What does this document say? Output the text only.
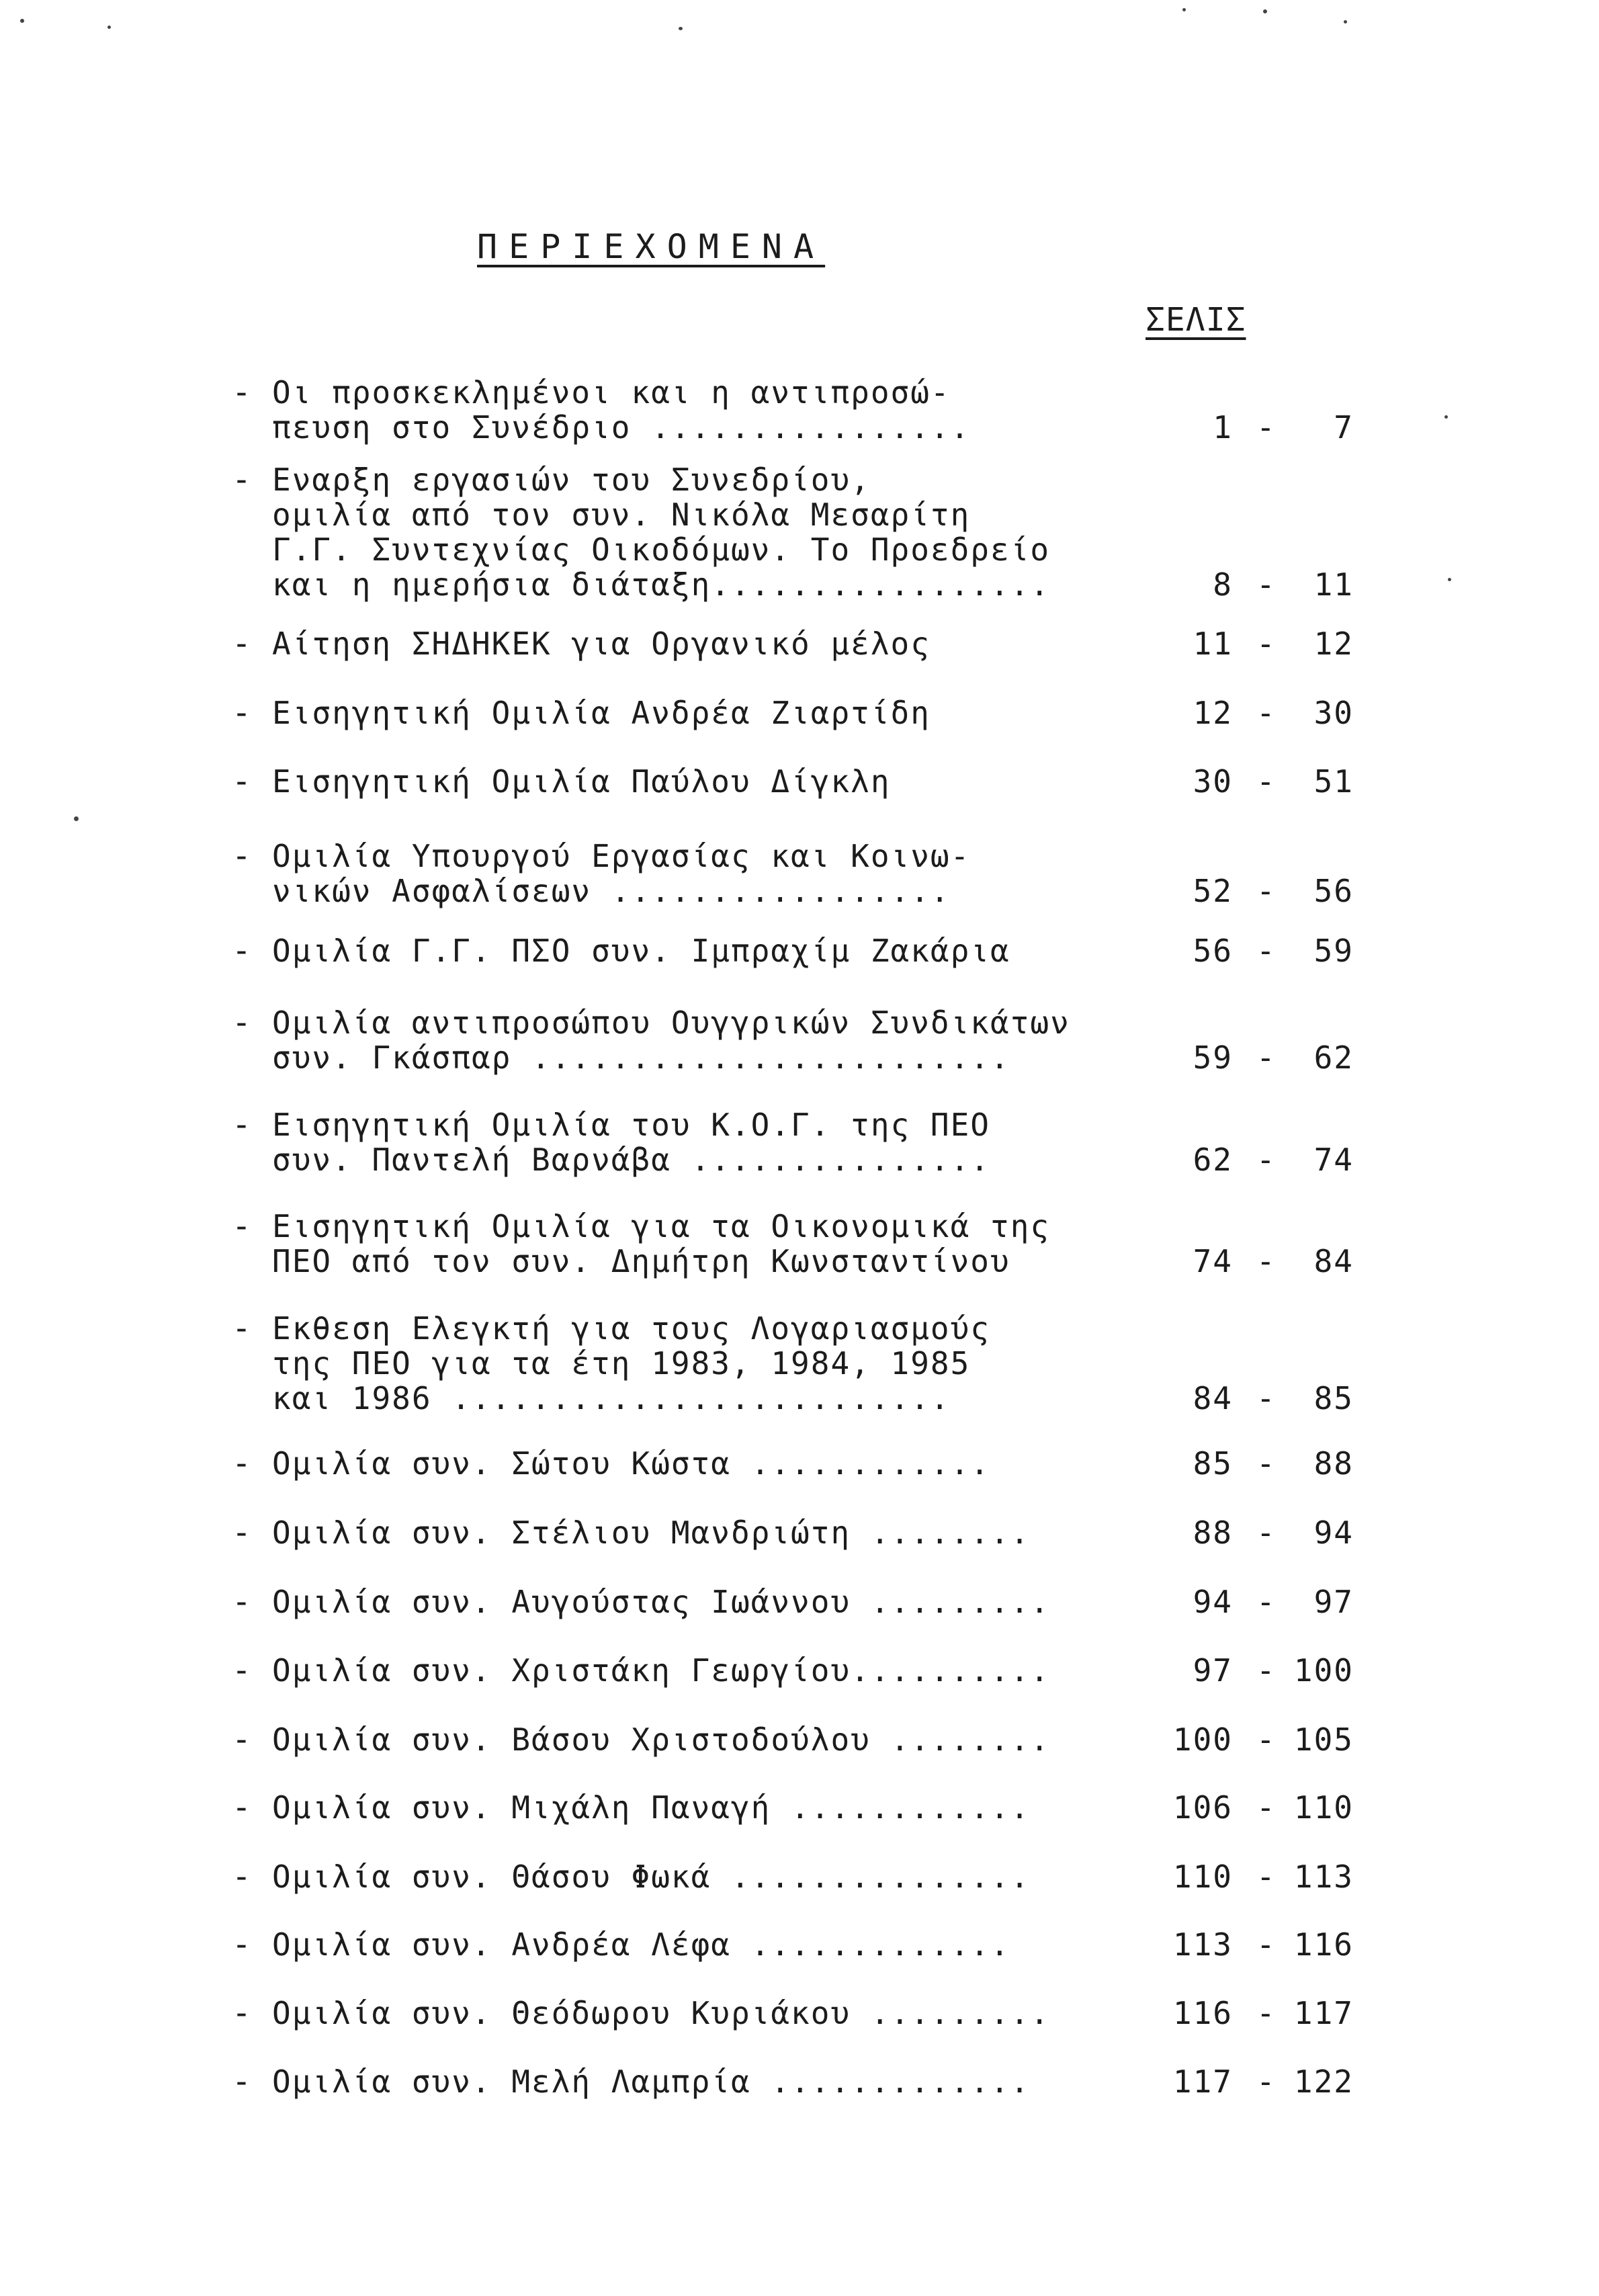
ΠΕΡΙΕΧΟΜΕΝΑ
ΣΕΛΙΣ
- Οι προσκεκλημένοι και η αντιπροσώ-
πευση στο Συνέδριο ................	1 - 7
- Εναρξη εργασιών του Συνεδρίου,
ομιλία από τον συν. Νικόλα Μεσαρίτη
Γ.Γ. Συντεχνίας Οικοδόμων. Το Προεδρείο
και η ημερήσια διάταξη.................	8 - 11
- Αίτηση ΣΗΔΗΚΕΚ για Οργανικό μέλος	11 - 12
- Εισηγητική Ομιλία Ανδρέα Ζιαρτίδη	12 - 30
- Εισηγητική Ομιλία Παύλου Δίγκλη	30 - 51
- Ομιλία Υπουργού Εργασίας και Κοινω-
νικών Ασφαλίσεων .................	52 - 56
- Ομιλία Γ.Γ. ΠΣΟ συν. Ιμπραχίμ Ζακάρια	56 - 59
- Ομιλία αντιπροσώπου Ουγγρικών Συνδικάτων
συν. Γκάσπαρ ........................	59 - 62
- Εισηγητική Ομιλία του Κ.Ο.Γ. της ΠΕΟ
συν. Παντελή Βαρνάβα ...............	62 - 74
- Εισηγητική Ομιλία για τα Οικονομικά της
ΠΕΟ από τον συν. Δημήτρη Κωνσταντίνου	74 - 84
- Εκθεση Ελεγκτή για τους Λογαριασμούς
της ΠΕΟ για τα έτη 1983, 1984, 1985
και 1986 .........................	84 - 85
- Ομιλία συν. Σώτου Κώστα ............	85 - 88
- Ομιλία συν. Στέλιου Μανδριώτη ........	88 - 94
- Ομιλία συν. Αυγούστας Ιωάννου .........	94 - 97
- Ομιλία συν. Χριστάκη Γεωργίου..........	97 - 100
- Ομιλία συν. Βάσου Χριστοδούλου ........	100 - 105
- Ομιλία συν. Μιχάλη Παναγή ............	106 - 110
- Ομιλία συν. Θάσου Φωκά ...............	110 - 113
- Ομιλία συν. Ανδρέα Λέφα .............	113 - 116
- Ομιλία συν. Θεόδωρου Κυριάκου .........	116 - 117
- Ομιλία συν. Μελή Λαμπρία .............	117 - 122
